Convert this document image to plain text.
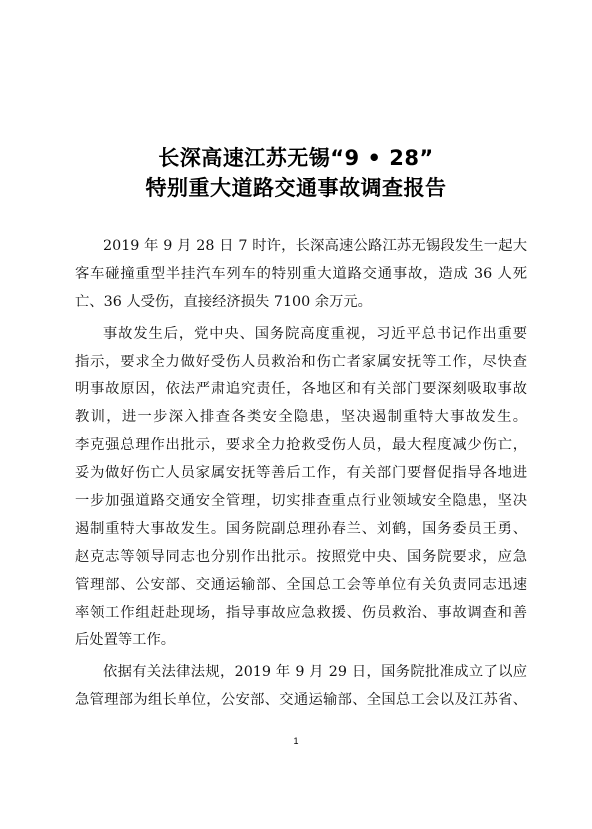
长深高速江苏无锡“9 • 28”
特别重大道路交通事故调查报告
2019 年 9 月 28 日 7 时许，长深高速公路江苏无锡段发生一起大
客车碰撞重型半挂汽车列车的特别重大道路交通事故，造成 36 人死
亡、36 人受伤，直接经济损失 7100 余万元。
事故发生后，党中央、国务院高度重视，习近平总书记作出重要
指示，要求全力做好受伤人员救治和伤亡者家属安抚等工作，尽快查
明事故原因，依法严肃追究责任，各地区和有关部门要深刻吸取事故
教训，进一步深入排查各类安全隐患，坚决遏制重特大事故发生。
李克强总理作出批示，要求全力抢救受伤人员，最大程度减少伤亡，
妥为做好伤亡人员家属安抚等善后工作，有关部门要督促指导各地进
一步加强道路交通安全管理，切实排查重点行业领域安全隐患，坚决
遏制重特大事故发生。国务院副总理孙春兰、刘鹤，国务委员王勇、
赵克志等领导同志也分别作出批示。按照党中央、国务院要求，应急
管理部、公安部、交通运输部、全国总工会等单位有关负责同志迅速
率领工作组赶赴现场，指导事故应急救援、伤员救治、事故调查和善
后处置等工作。
依据有关法律法规，2019 年 9 月 29 日，国务院批准成立了以应
急管理部为组长单位，公安部、交通运输部、全国总工会以及江苏省、
1
